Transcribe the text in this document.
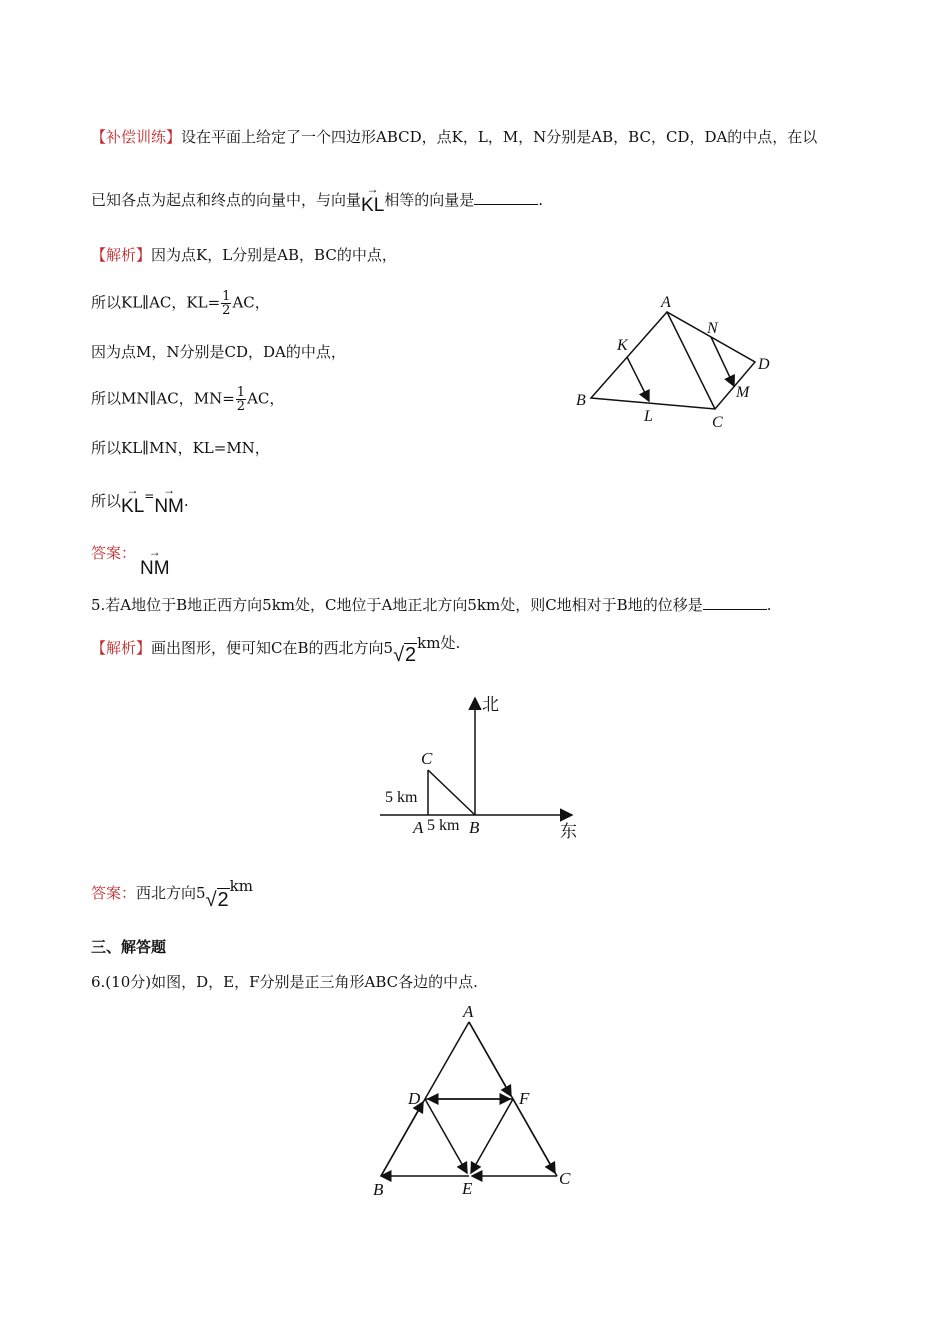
【补偿训练】设在平面上给定了一个四边形ABCD，点K，L，M，N分别是AB，BC，CD，DA的中点，在以
已知各点为起点和终点的向量中，与向量
→
KL相等的向量是	.
【解析】因为点K，L分别是AB，BC的中点，
所以KL∥AC，$KL= \frac{1}{2}$ AC，
因为点M，N分别是CD，DA的中点，
所以MN∥AC，$MN= \frac{1}{2}$ AC，
所以KL∥MN，KL=MN，
所以
→
KL= →
NM.
答案：	→
NM
A
K
N
D
M
B
L	C
5.若A地位于B地正西方向5km处，C地位于A地正北方向5km处，则C地相对于B地的位移是	.
【解析】画出图形，便可知C在B的西北方向5√2km处.
北
东
C
5 km
A 5 km B
答案：西北方向5√2km
三、解答题
6.(10分)如图，D，E，F分别是正三角形ABC各边的中点.
A
D	F
B	E
C
